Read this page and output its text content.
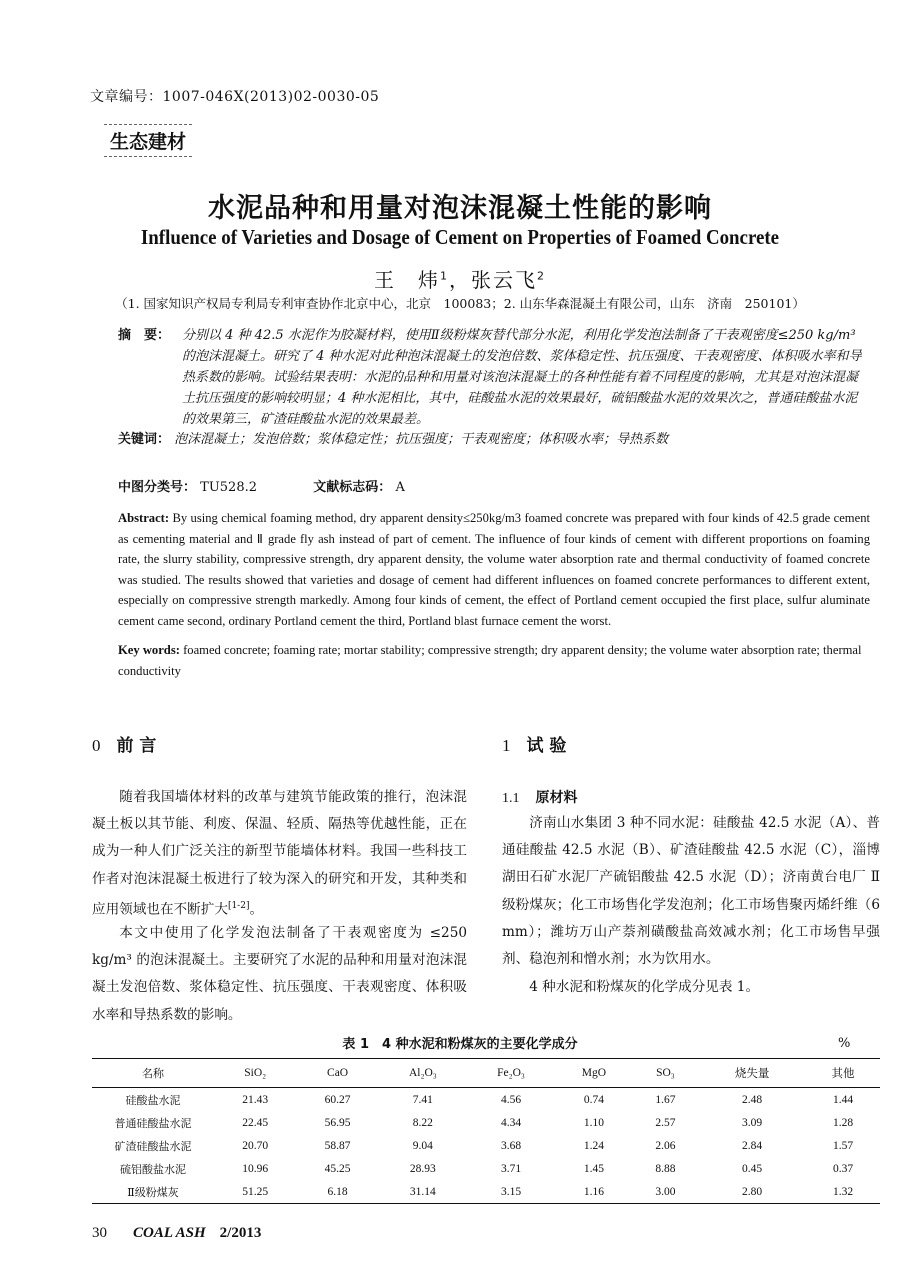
文章编号：1007-046X(2013)02-0030-05
生态建材
水泥品种和用量对泡沫混凝土性能的影响
Influence of Varieties and Dosage of Cement on Properties of Foamed Concrete
王　炜$^1$，张云飞$^2$
（1. 国家知识产权局专利局专利审查协作北京中心，北京　100083；2. 山东华森混凝土有限公司，山东　济南　250101）
摘　要： 分别以 4 种 42.5 水泥作为胶凝材料，使用Ⅱ级粉煤灰替代部分水泥，利用化学发泡法制备了干表观密度≤250 kg/m³ 的泡沫混凝土。研究了 4 种水泥对此种泡沫混凝土的发泡倍数、浆体稳定性、抗压强度、干表观密度、体积吸水率和导热系数的影响。试验结果表明：水泥的品种和用量对该泡沫混凝土的各种性能有着不同程度的影响，尤其是对泡沫混凝土抗压强度的影响较明显；4 种水泥相比，其中，硅酸盐水泥的效果最好，硫铝酸盐水泥的效果次之，普通硅酸盐水泥的效果第三，矿渣硅酸盐水泥的效果最差。
关键词： 泡沫混凝土；发泡倍数；浆体稳定性；抗压强度；干表观密度；体积吸水率；导热系数
中图分类号： TU528.2	文献标志码： A
Abstract: By using chemical foaming method, dry apparent density≤250kg/m3 foamed concrete was prepared with four kinds of 42.5 grade cement as cementing material and Ⅱ grade fly ash instead of part of cement. The influence of four kinds of cement with different proportions on foaming rate, the slurry stability, compressive strength, dry apparent density, the volume water absorption rate and thermal conductivity of foamed concrete was studied. The results showed that varieties and dosage of cement had different influences on foamed concrete performances to different extent, especially on compressive strength markedly. Among four kinds of cement, the effect of Portland cement occupied the first place, sulfur aluminate cement came second, ordinary Portland cement the third, Portland blast furnace cement the worst.
Key words: foamed concrete; foaming rate; mortar stability; compressive strength; dry apparent density; the volume water absorption rate; thermal conductivity
0 前 言
随着我国墙体材料的改革与建筑节能政策的推行，泡沫混凝土板以其节能、利废、保温、轻质、隔热等优越性能，正在成为一种人们广泛关注的新型节能墙体材料。我国一些科技工作者对泡沫混凝土板进行了较为深入的研究和开发，其种类和应用领域也在不断扩大[1-2]。
本文中使用了化学发泡法制备了干表观密度为 ≤250 kg/m³ 的泡沫混凝土。主要研究了水泥的品种和用量对泡沫混凝土发泡倍数、浆体稳定性、抗压强度、干表观密度、体积吸水率和导热系数的影响。
1 试 验
1.1 原材料
济南山水集团 3 种不同水泥：硅酸盐 42.5 水泥（A）、普通硅酸盐 42.5 水泥（B）、矿渣硅酸盐 42.5 水泥（C），淄博湖田石矿水泥厂产硫铝酸盐 42.5 水泥（D）；济南黄台电厂 Ⅱ 级粉煤灰；化工市场售化学发泡剂；化工市场售聚丙烯纤维（6 mm）；潍坊万山产萘剂磺酸盐高效减水剂；化工市场售早强剂、稳泡剂和憎水剂；水为饮用水。
4 种水泥和粉煤灰的化学成分见表 1。
表 1　4 种水泥和粉煤灰的主要化学成分	%
名称	SiO₂	CaO	Al₂O₃	Fe₂O₃	MgO	SO₃	烧失量	其他
硅酸盐水泥	21.43	60.27	7.41	4.56	0.74	1.67	2.48	1.44
普通硅酸盐水泥	22.45	56.95	8.22	4.34	1.10	2.57	3.09	1.28
矿渣硅酸盐水泥	20.70	58.87	9.04	3.68	1.24	2.06	2.84	1.57
硫铝酸盐水泥	10.96	45.25	28.93	3.71	1.45	8.88	0.45	0.37
Ⅱ级粉煤灰	51.25	6.18	31.14	3.15	1.16	3.00	2.80	1.32
30 COAL ASH 2/2013
